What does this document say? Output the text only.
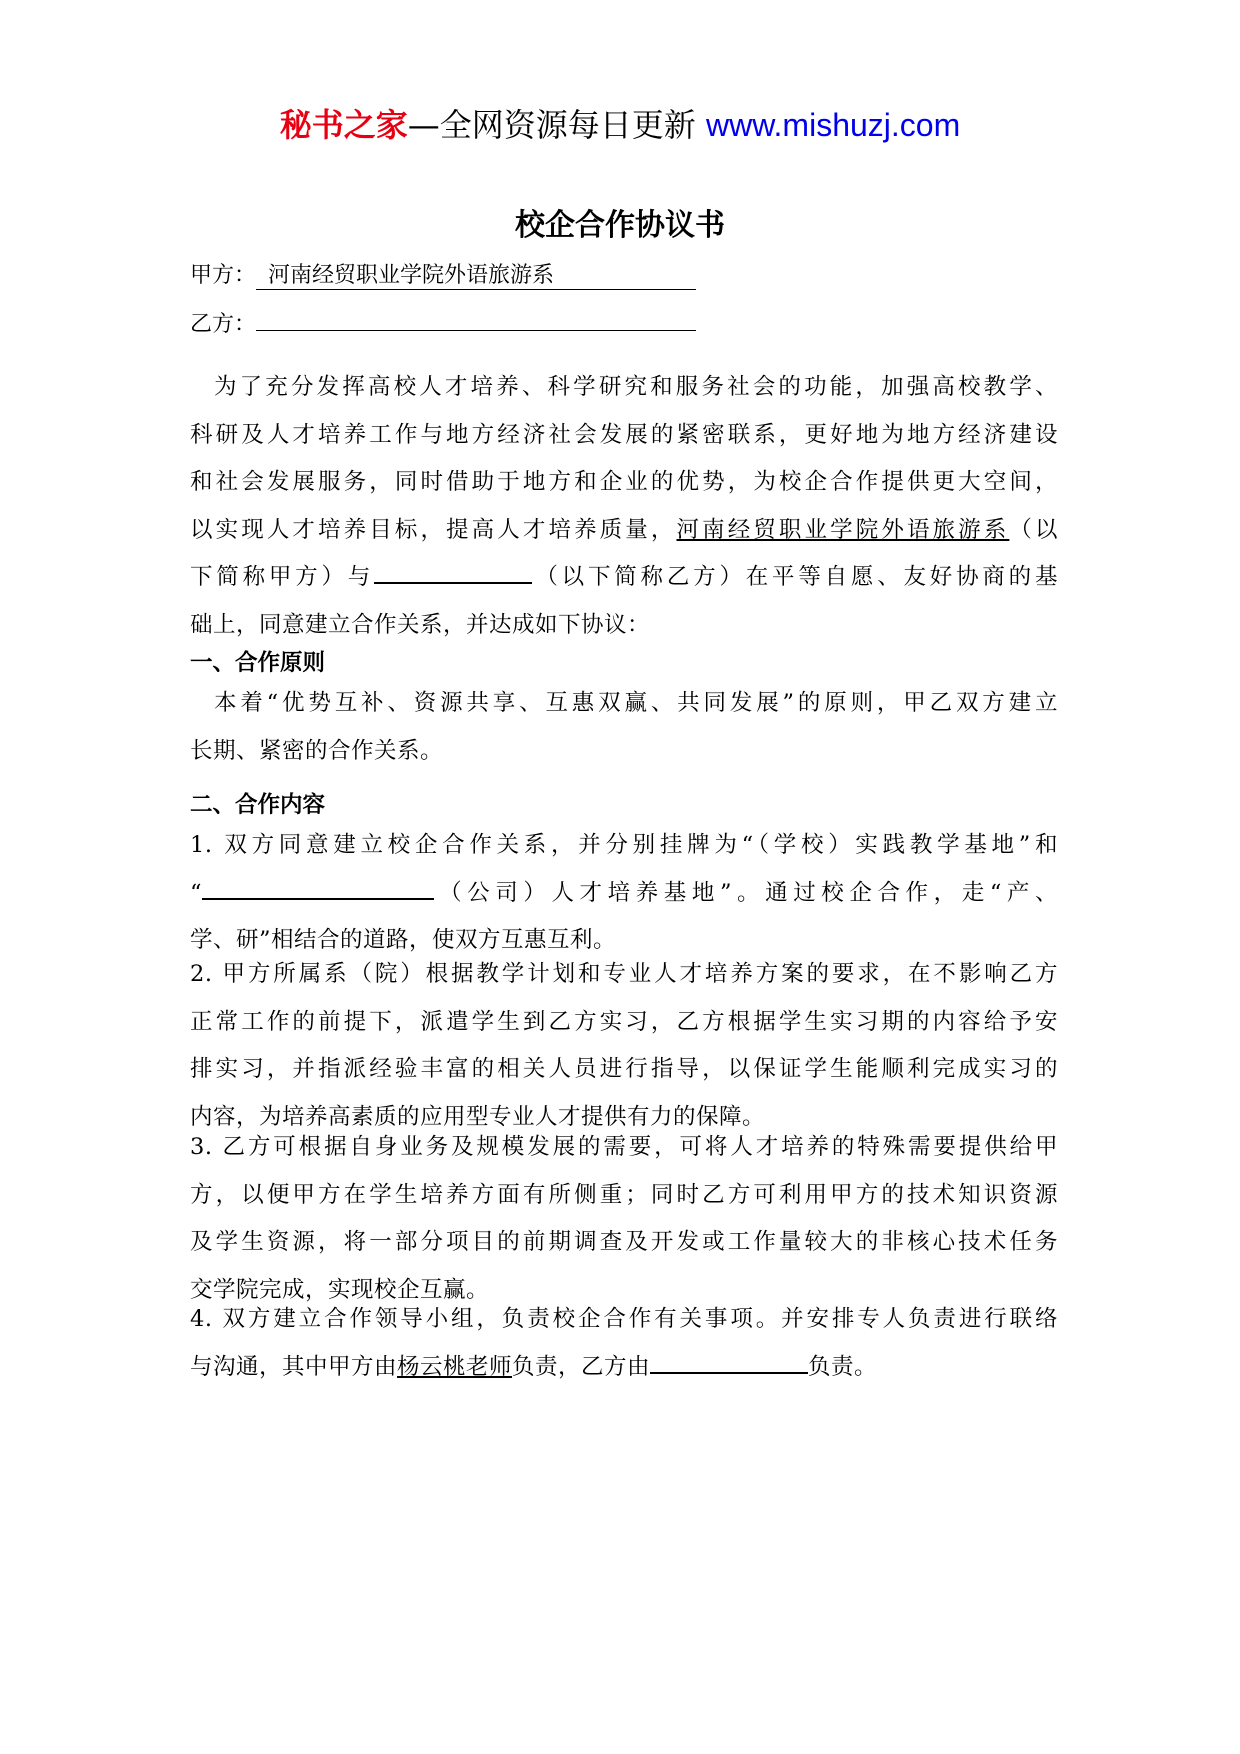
秘书之家—全网资源每日更新 www.mishuzj.com
校企合作协议书
甲方： 河南经贸职业学院外语旅游系
乙方：
为了充分发挥高校人才培养、科学研究和服务社会的功能，加强高校教学、
科研及人才培养工作与地方经济社会发展的紧密联系，更好地为地方经济建设
和社会发展服务，同时借助于地方和企业的优势，为校企合作提供更大空间，
以实现人才培养目标，提高人才培养质量，河南经贸职业学院外语旅游系（以
下简称甲方）与	（以下简称乙方）在平等自愿、友好协商的基
础上，同意建立合作关系，并达成如下协议：
一、合作原则
本着“优势互补、资源共享、互惠双赢、共同发展”的原则，甲乙双方建立
长期、紧密的合作关系。
二、合作内容
1. 双方同意建立校企合作关系，并分别挂牌为“（学校）实践教学基地”和
“	（公司）人才培养基地”。通过校企合作，走“产、
学、研”相结合的道路，使双方互惠互利。
2. 甲方所属系（院）根据教学计划和专业人才培养方案的要求，在不影响乙方
正常工作的前提下，派遣学生到乙方实习，乙方根据学生实习期的内容给予安
排实习，并指派经验丰富的相关人员进行指导，以保证学生能顺利完成实习的
内容，为培养高素质的应用型专业人才提供有力的保障。
3. 乙方可根据自身业务及规模发展的需要，可将人才培养的特殊需要提供给甲
方，以便甲方在学生培养方面有所侧重；同时乙方可利用甲方的技术知识资源
及学生资源，将一部分项目的前期调查及开发或工作量较大的非核心技术任务
交学院完成，实现校企互赢。
4. 双方建立合作领导小组，负责校企合作有关事项。并安排专人负责进行联络
与沟通，其中甲方由杨云桃老师负责，乙方由	负责。
